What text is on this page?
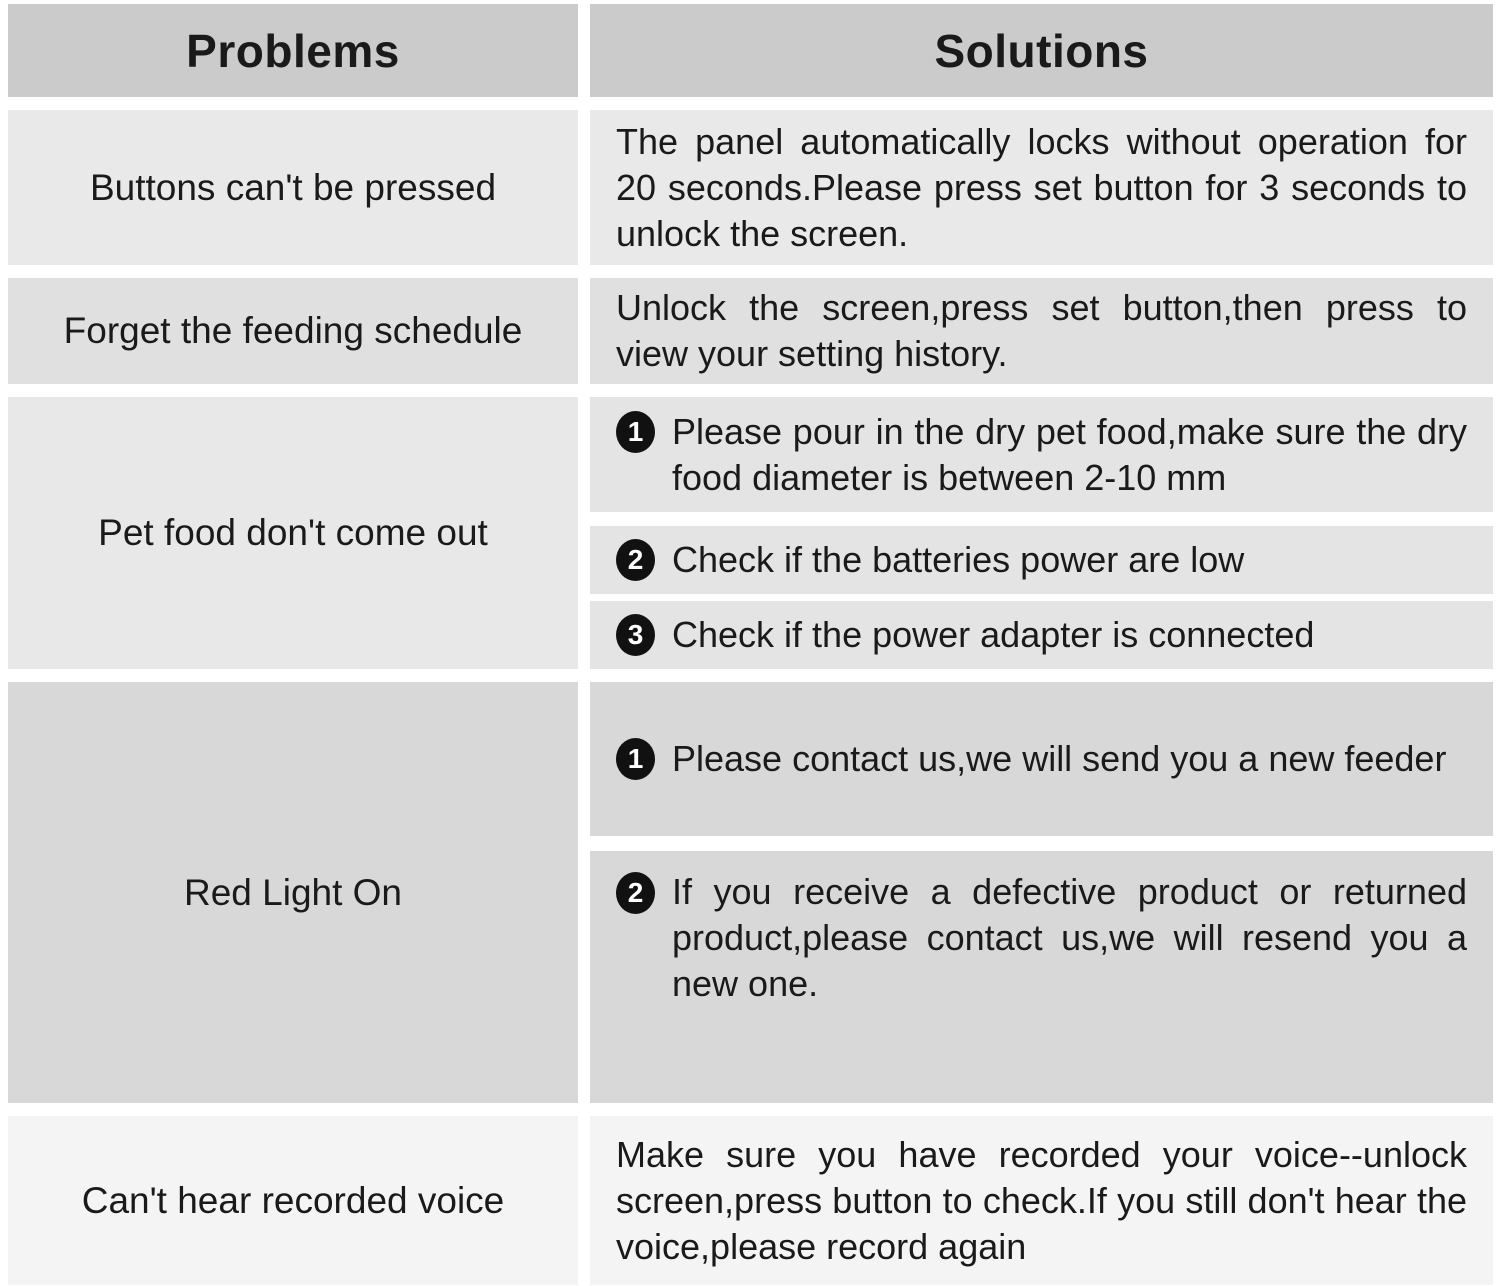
Problems	Solutions
Buttons can't be pressed

The panel automatically locks without operation for 20 seconds.Please press set button for 3 seconds to unlock the screen.

Forget the feeding schedule

Unlock the screen,press set button,then press to view your setting history.

Pet food don't come out
1 Please pour in the dry pet food,make sure the dry food diameter is between 2-10 mm

2 Check if the batteries power are low

3 Check if the power adapter is connected

Red Light On
1 Please contact us,we will send you a new feeder

2 If you receive a defective product or returned product,please contact us,we will resend you a new one.

Can't hear recorded voice

Make sure you have recorded your voice--unlock screen,press button to check.If you still don't hear the voice,please record again
